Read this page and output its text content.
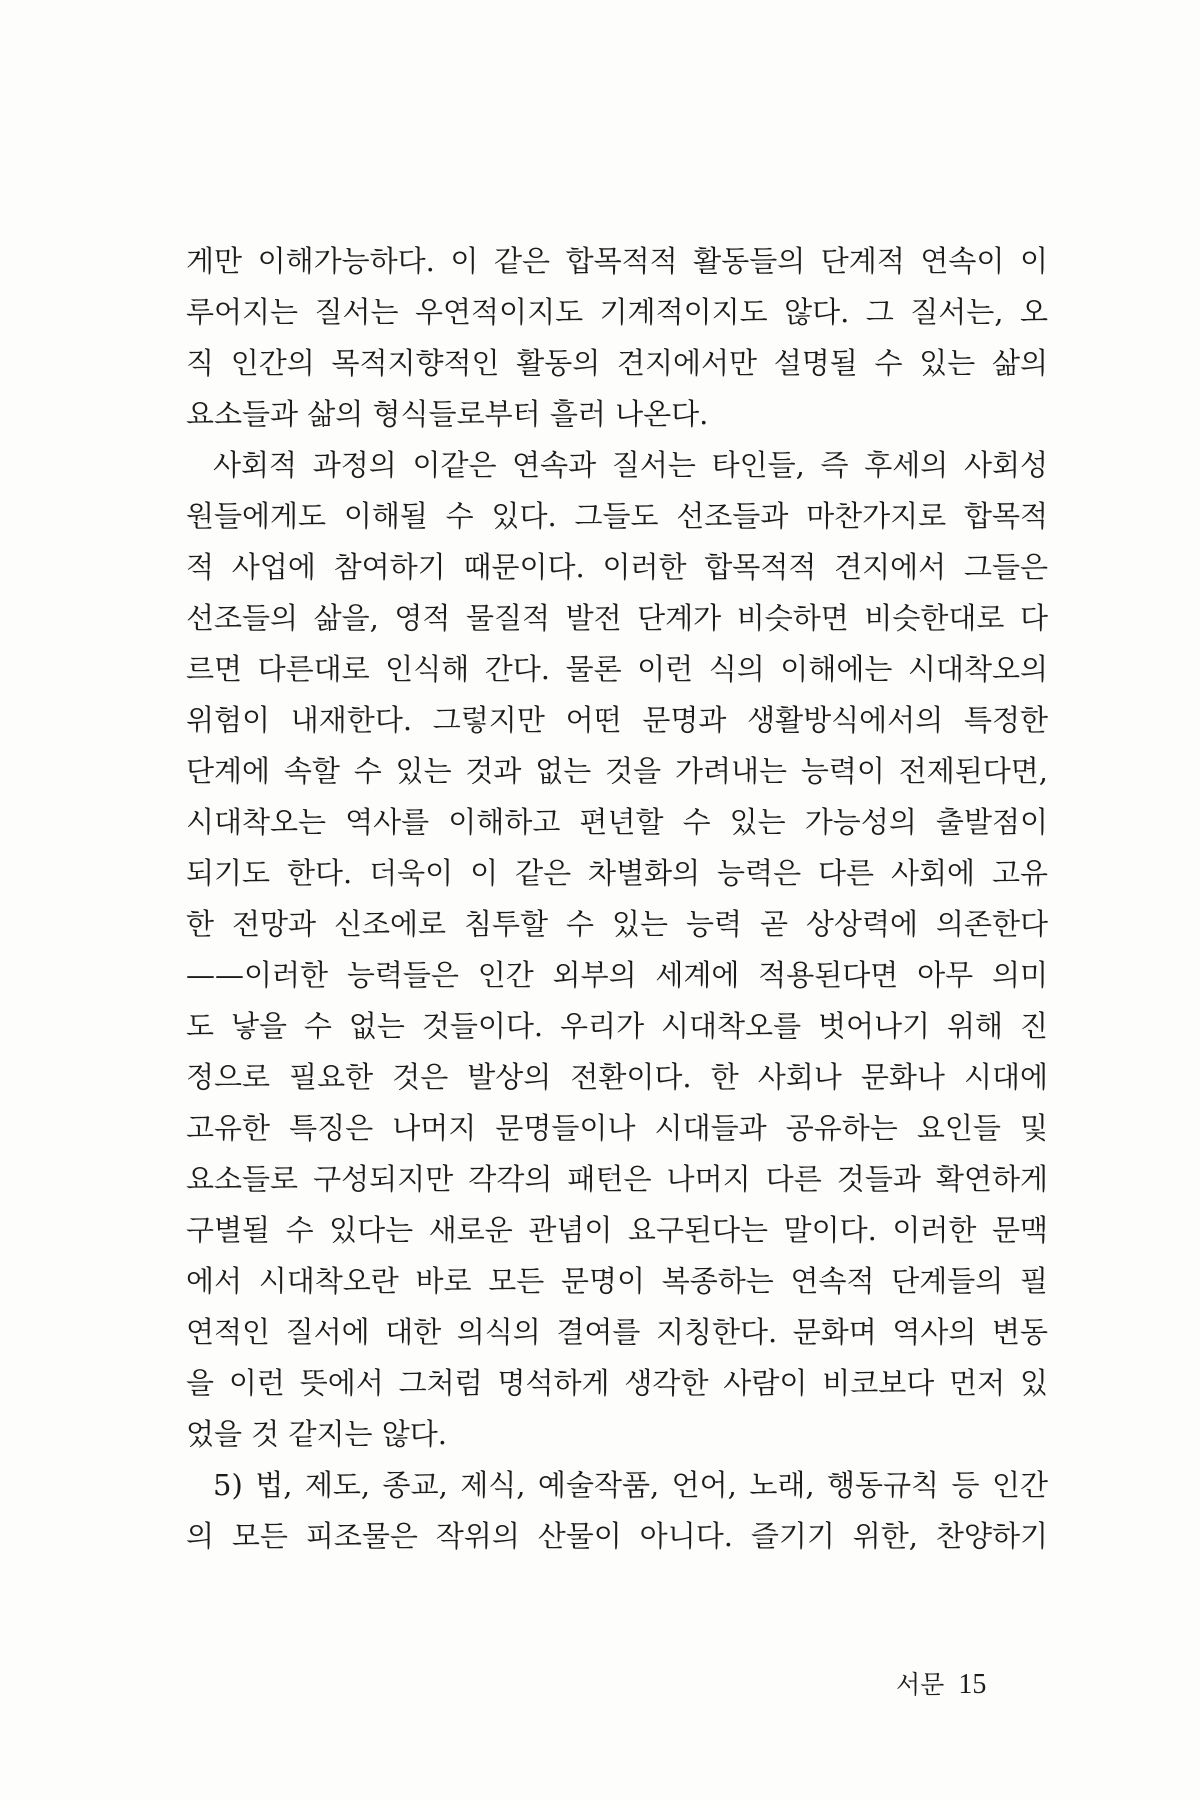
게만 이해가능하다. 이 같은 합목적적 활동들의 단계적 연속이 이
루어지는 질서는 우연적이지도 기계적이지도 않다. 그 질서는, 오
직 인간의 목적지향적인 활동의 견지에서만 설명될 수 있는 삶의
요소들과 삶의 형식들로부터 흘러 나온다.
사회적 과정의 이같은 연속과 질서는 타인들, 즉 후세의 사회성
원들에게도 이해될 수 있다. 그들도 선조들과 마찬가지로 합목적
적 사업에 참여하기 때문이다. 이러한 합목적적 견지에서 그들은
선조들의 삶을, 영적 물질적 발전 단계가 비슷하면 비슷한대로 다
르면 다른대로 인식해 간다. 물론 이런 식의 이해에는 시대착오의
위험이 내재한다. 그렇지만 어떤 문명과 생활방식에서의 특정한
단계에 속할 수 있는 것과 없는 것을 가려내는 능력이 전제된다면,
시대착오는 역사를 이해하고 편년할 수 있는 가능성의 출발점이
되기도 한다. 더욱이 이 같은 차별화의 능력은 다른 사회에 고유
한 전망과 신조에로 침투할 수 있는 능력 곧 상상력에 의존한다
——이러한 능력들은 인간 외부의 세계에 적용된다면 아무 의미
도 낳을 수 없는 것들이다. 우리가 시대착오를 벗어나기 위해 진
정으로 필요한 것은 발상의 전환이다. 한 사회나 문화나 시대에
고유한 특징은 나머지 문명들이나 시대들과 공유하는 요인들 및
요소들로 구성되지만 각각의 패턴은 나머지 다른 것들과 확연하게
구별될 수 있다는 새로운 관념이 요구된다는 말이다. 이러한 문맥
에서 시대착오란 바로 모든 문명이 복종하는 연속적 단계들의 필
연적인 질서에 대한 의식의 결여를 지칭한다. 문화며 역사의 변동
을 이런 뜻에서 그처럼 명석하게 생각한 사람이 비코보다 먼저 있
었을 것 같지는 않다.
5) 법, 제도, 종교, 제식, 예술작품, 언어, 노래, 행동규칙 등 인간
의 모든 피조물은 작위의 산물이 아니다. 즐기기 위한, 찬양하기
서문 15
